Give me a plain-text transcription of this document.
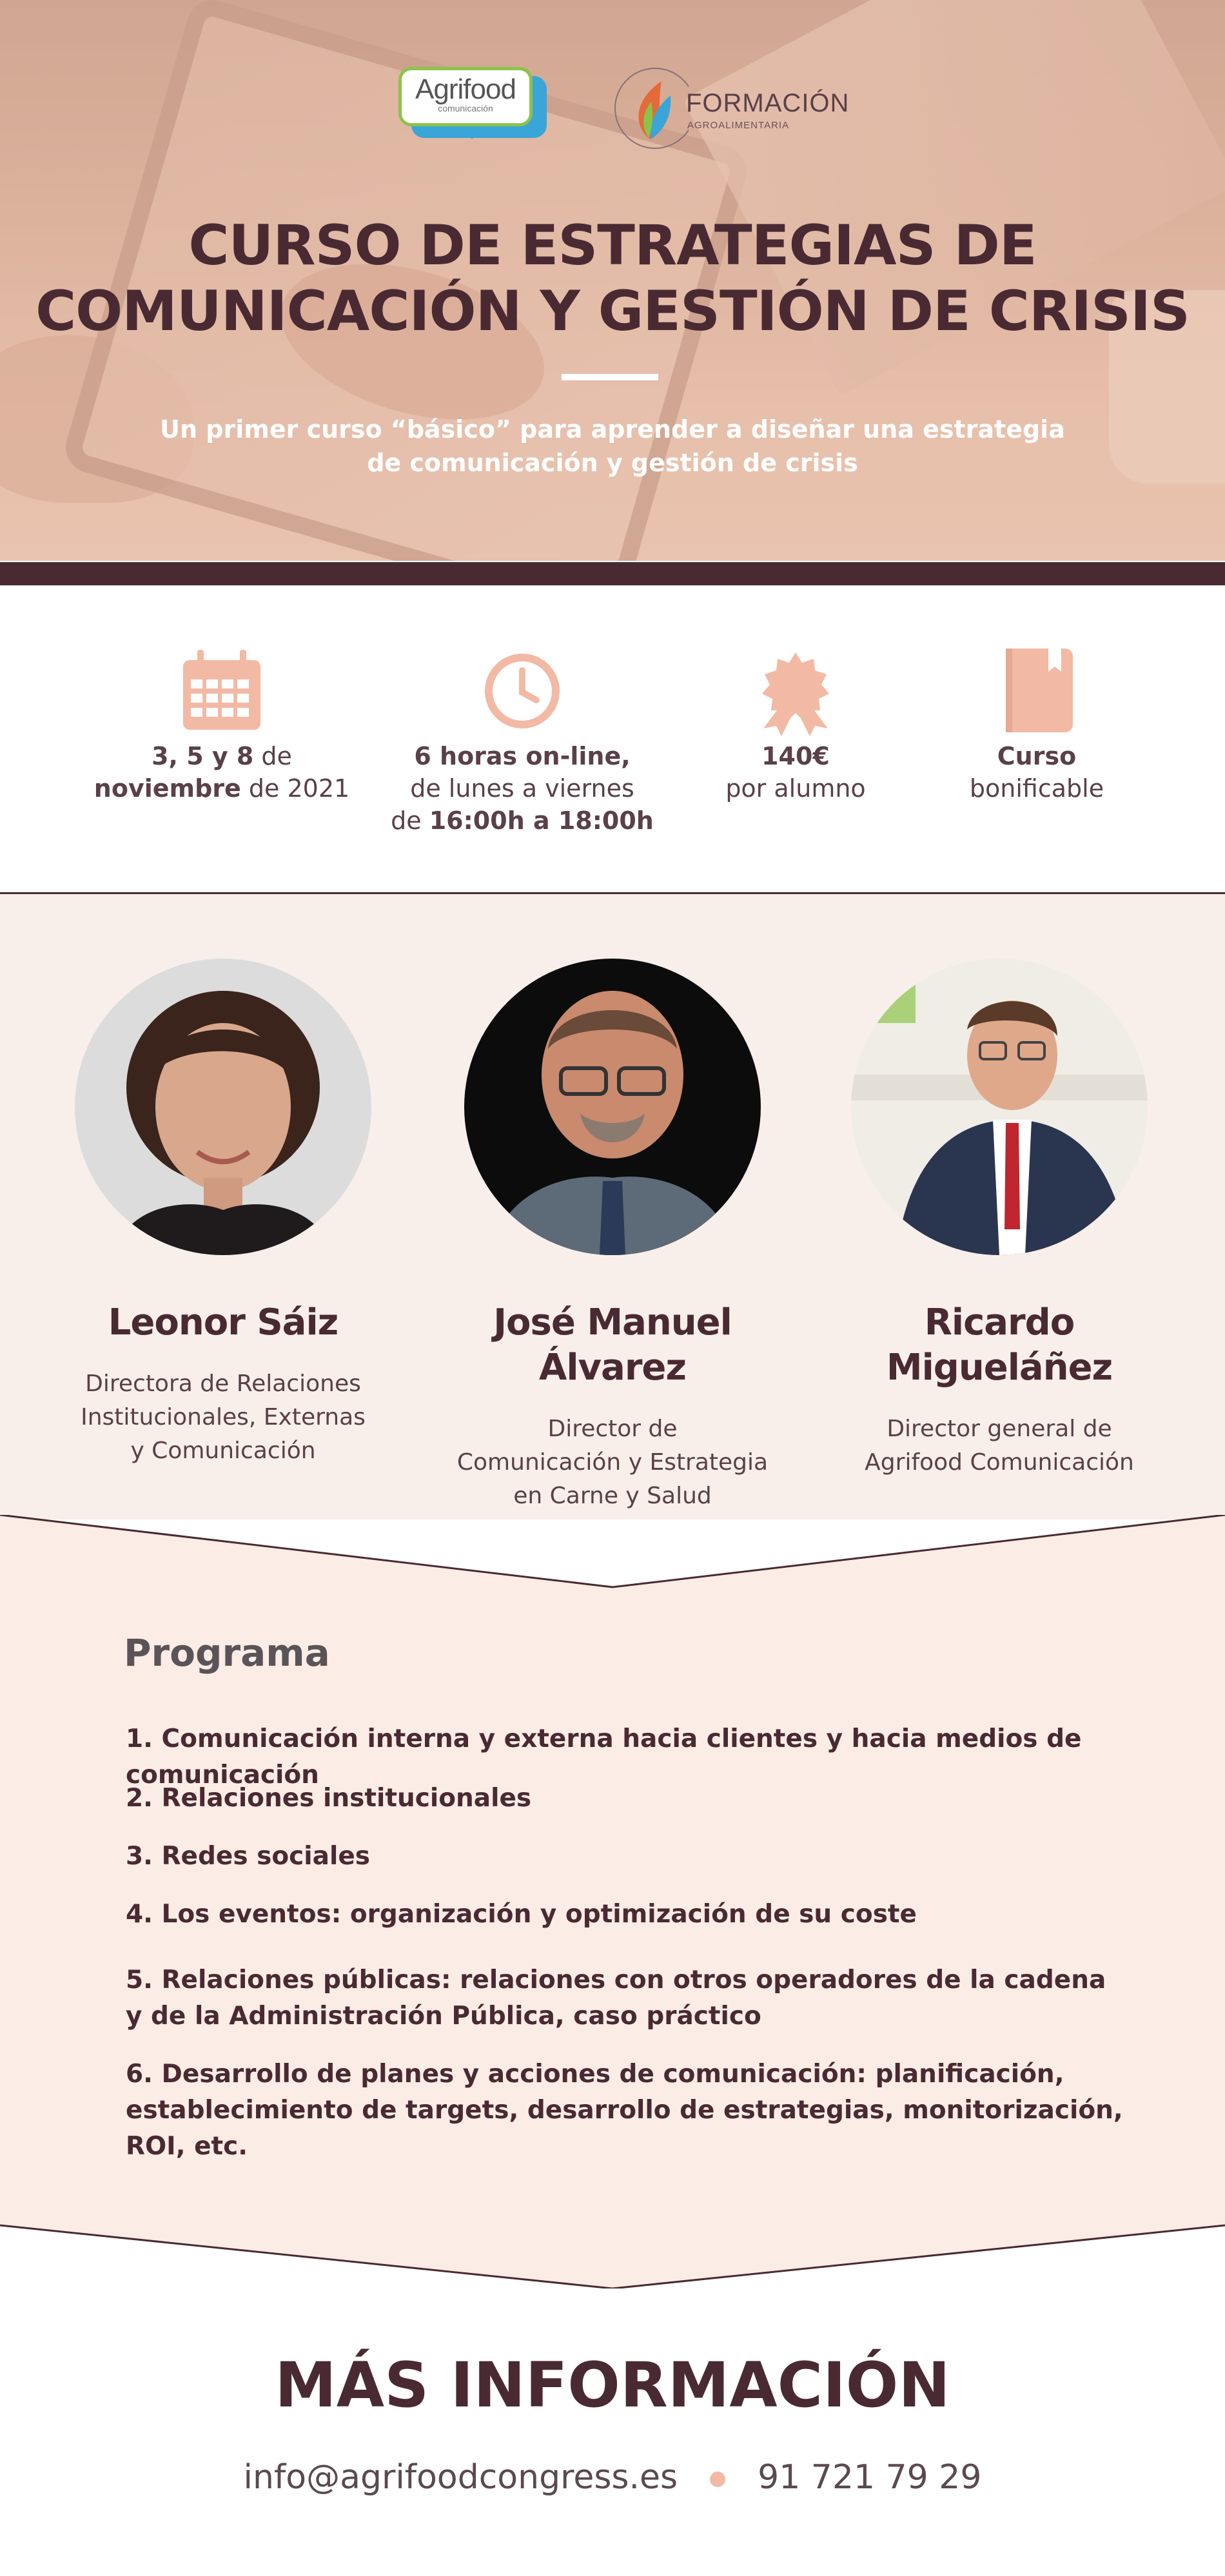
Agrifood
comunicación	FORMACIÓN
AGROALIMENTARIA
CURSO DE ESTRATEGIAS DE
COMUNICACIÓN Y GESTIÓN DE CRISIS
Un primer curso “básico” para aprender a diseñar una estrategia
de comunicación y gestión de crisis
3, 5 y 8 de
noviembre de 2021
6 horas on-line,
de lunes a viernes
de 16:00h a 18:00h
140€
por alumno
Curso
bonificable
Leonor Sáiz
Directora de Relaciones
Institucionales, Externas
y Comunicación
José Manuel Álvarez
Director de
Comunicación y Estrategia
en Carne y Salud
Ricardo Migueláñez
Director general de
Agrifood Comunicación
Programa
1. Comunicación interna y externa hacia clientes y hacia medios de comunicación
2. Relaciones institucionales
3. Redes sociales
4. Los eventos: organización y optimización de su coste
5. Relaciones públicas: relaciones con otros operadores de la cadena
y de la Administración Pública, caso práctico
6. Desarrollo de planes y acciones de comunicación: planificación,
establecimiento de targets, desarrollo de estrategias, monitorización, ROI, etc.
MÁS INFORMACIÓN
info@agrifoodcongress.es 91 721 79 29
